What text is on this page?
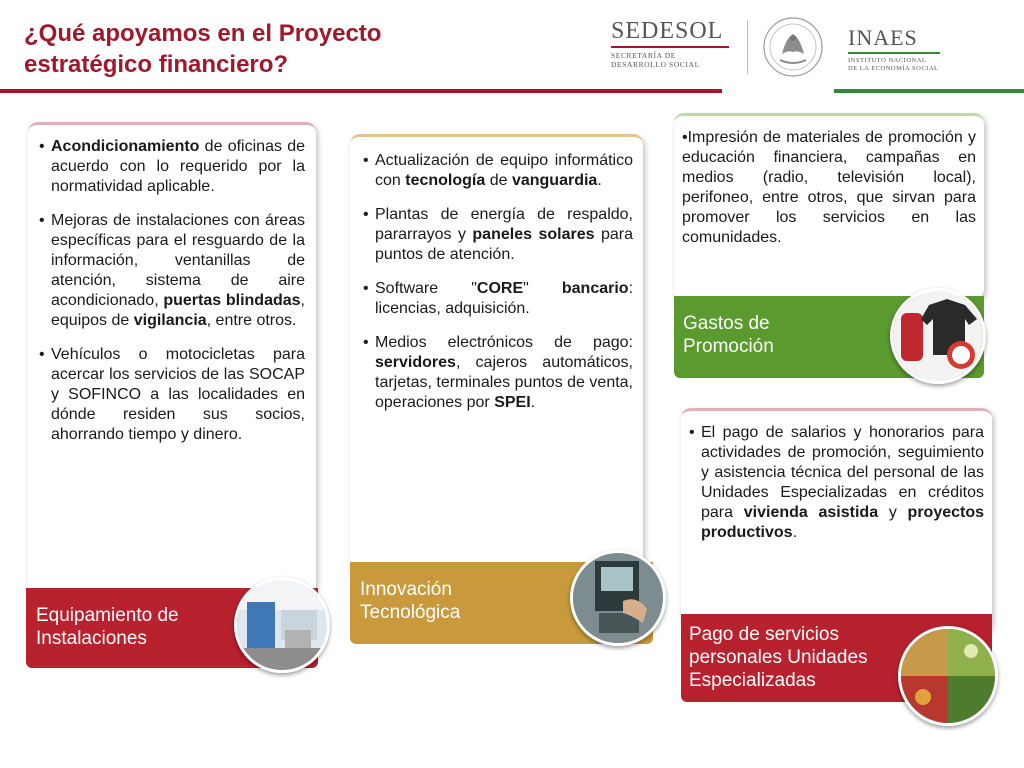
¿Qué apoyamos en el Proyecto estratégico financiero?
SEDESOL
SECRETARÍA DE
DESARROLLO SOCIAL
INAES
INSTITUTO NACIONAL
DE LA ECONOMÍA SOCIAL
• Acondicionamiento de oficinas de acuerdo con lo requerido por la normatividad aplicable.
• Mejoras de instalaciones con áreas específicas para el resguardo de la información, ventanillas de atención, sistema de aire acondicionado, puertas blindadas, equipos de vigilancia, entre otros.
• Vehículos o motocicletas para acercar los servicios de las SOCAP y SOFINCO a las localidades en dónde residen sus socios, ahorrando tiempo y dinero.
Equipamiento de Instalaciones
• Actualización de equipo informático con tecnología de vanguardia.
• Plantas de energía de respaldo, pararrayos y paneles solares para puntos de atención.
• Software "CORE" bancario: licencias, adquisición.
• Medios electrónicos de pago: servidores, cajeros automáticos, tarjetas, terminales puntos de venta, operaciones por SPEI.
Innovación Tecnológica
•Impresión de materiales de promoción y educación financiera, campañas en medios (radio, televisión local), perifoneo, entre otros, que sirvan para promover los servicios en las comunidades.
Gastos de Promoción
• El pago de salarios y honorarios para actividades de promoción, seguimiento y asistencia técnica del personal de las Unidades Especializadas en créditos para vivienda asistida y proyectos productivos.
Pago de servicios personales Unidades Especializadas
